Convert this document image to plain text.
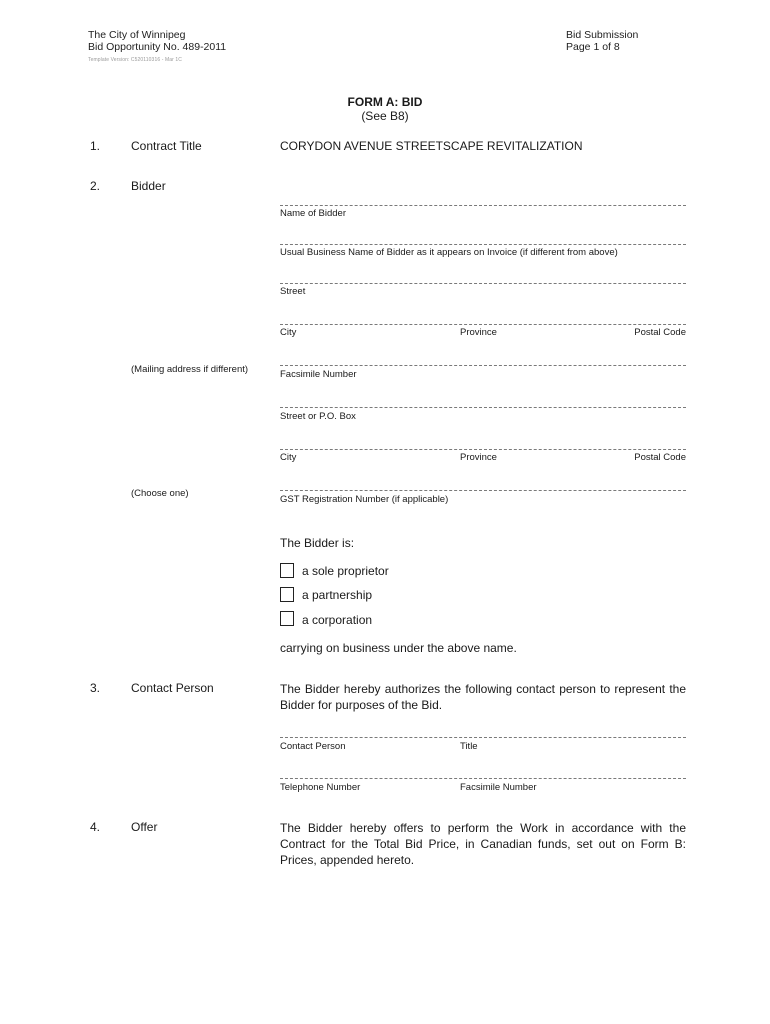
The City of Winnipeg
Bid Opportunity No. 489-2011
Template Version: C520110316 - Mar 1C
Bid Submission
Page 1 of 8
FORM A: BID
(See B8)
1.	Contract Title	CORYDON AVENUE STREETSCAPE REVITALIZATION
2.	Bidder
Name of Bidder
Usual Business Name of Bidder as it appears on Invoice (if different from above)
Street
City	Province	Postal Code
(Mailing address if different)	Facsimile Number
Street or P.O. Box
City	Province	Postal Code
(Choose one)
GST Registration Number (if applicable)
The Bidder is:
a sole proprietor
a partnership
a corporation
carrying on business under the above name.
3.	Contact Person	The Bidder hereby authorizes the following contact person to represent the Bidder for purposes of the Bid.
Contact Person	Title
Telephone Number	Facsimile Number
4.	Offer	The Bidder hereby offers to perform the Work in accordance with the Contract for the Total Bid Price, in Canadian funds, set out on Form B: Prices, appended hereto.
